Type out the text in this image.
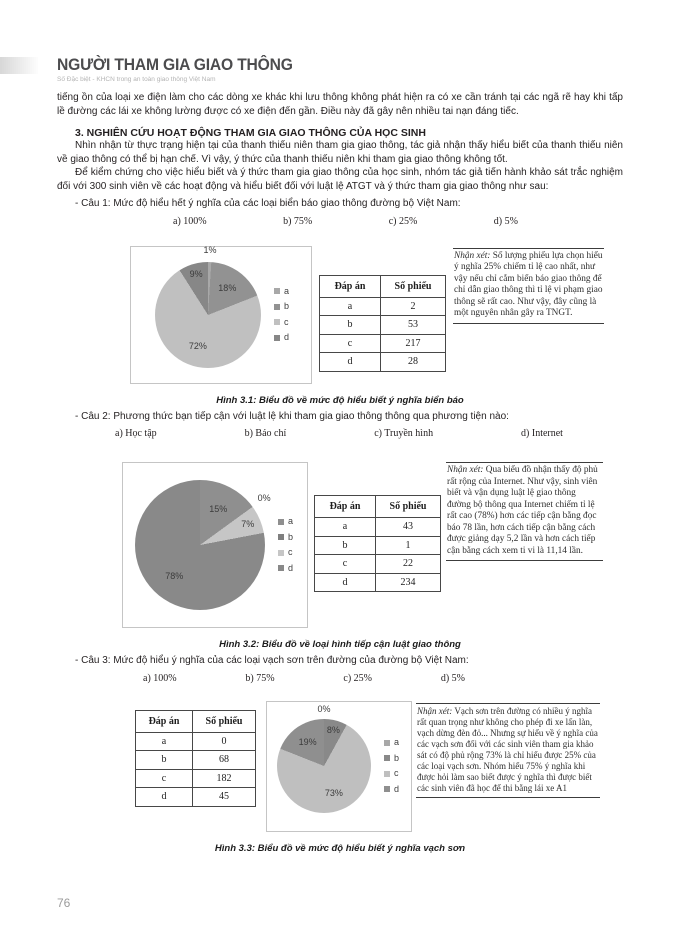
NGƯỜI THAM GIA GIAO THÔNG
Số Đặc biệt - KHCN trong an toàn giao thông Việt Nam

tiếng ồn của loại xe điện làm cho các dòng xe khác khi lưu thông không phát hiện ra có xe cần tránh tại các ngã rẽ hay khi tấp lề đường các lái xe không lường được có xe điện đến gần. Điều này đã gây nên nhiều tai nạn đáng tiếc.

3. NGHIÊN CỨU HOẠT ĐỘNG THAM GIA GIAO THÔNG CỦA HỌC SINH

Nhìn nhận từ thực trạng hiện tại của thanh thiếu niên tham gia giao thông, tác giả nhận thấy hiểu biết của thanh thiếu niên về giao thông có thể bị hạn chế. Vì vậy, ý thức của thanh thiếu niên khi tham gia giao thông không tốt.

Để kiểm chứng cho việc hiểu biết và ý thức tham gia giao thông của học sinh, nhóm tác giả tiến hành khảo sát trắc nghiệm đối với 300 sinh viên về các hoạt động và hiểu biết đối với luật lệ ATGT và ý thức tham gia giao thông như sau:

- Câu 1: Mức độ hiểu hết ý nghĩa của các loại biển báo giao thông đường bộ Việt Nam:

a) 100%	b) 75%	c) 25%	d) 5%
1%
18%
72%
9%
a
b
c
d
Đáp án	Số phiếu
a	2
b	53
c	217
d	28
Nhận xét: Số lượng phiếu lựa chọn hiểu ý nghĩa 25% chiếm tỉ lệ cao nhất, như vậy nếu chỉ cắm biển báo giao thông để chỉ dẫn giao thông thì tỉ lệ vi phạm giao thông sẽ rất cao. Như vậy, đây cũng là một nguyên nhân gây ra TNGT.
Hình 3.1: Biểu đồ về mức độ hiểu biết ý nghĩa biển báo

- Câu 2: Phương thức bạn tiếp cận với luật lệ khi tham gia giao thông thông qua phương tiện nào:

a) Học tập	b) Báo chí	c) Truyền hình	d) Internet
15%
0%
7%
78%
a
b
c
d
Đáp án	Số phiếu
a	43
b	1
c	22
d	234
Nhận xét: Qua biểu đồ nhận thấy độ phủ rất rộng của Internet. Như vậy, sinh viên biết và vận dụng luật lệ giao thông đường bộ thông qua Internet chiếm tỉ lệ rất cao (78%) hơn các tiếp cận bằng đọc báo 78 lần, hơn cách tiếp cận bằng cách được giảng dạy 5,2 lần và hơn cách tiếp cận bằng cách xem ti vi là 11,14 lần.
Hình 3.2: Biểu đồ về loại hình tiếp cận luật giao thông

- Câu 3: Mức độ hiểu ý nghĩa của các loại vạch sơn trên đường của đường bộ Việt Nam:

a) 100%	b) 75%	c) 25%	d) 5%
Đáp án	Số phiếu
a	0
b	68
c	182
d	45
0%
8%
73%
19%	a
b
c
d
Nhận xét: Vạch sơn trên đường có nhiều ý nghĩa rất quan trọng như không cho phép đi xe lấn làn, vạch dừng đèn đỏ... Nhưng sự hiểu về ý nghĩa của các vạch sơn đối với các sinh viên tham gia khảo sát có độ phủ rộng 73% là chỉ hiểu được 25% của các loại vạch sơn. Nhóm hiểu 75% ý nghĩa khi được hỏi làm sao biết được ý nghĩa thì được biết các sinh viên đã học để thi bằng lái xe A1
Hình 3.3: Biểu đồ về mức độ hiểu biết ý nghĩa vạch sơn
76
